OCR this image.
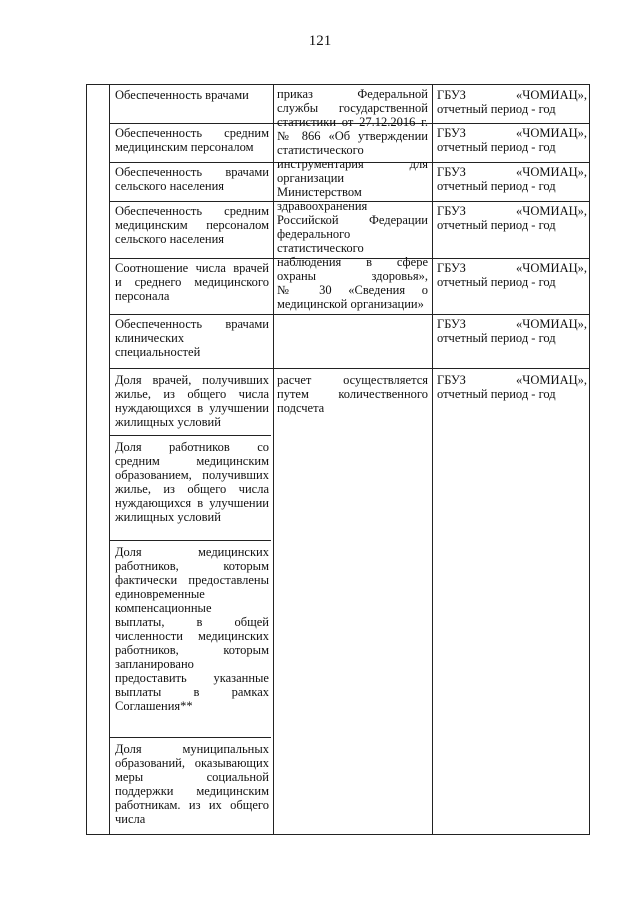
121
Обеспеченность врачами	ГБУЗ «ЧОМИАЦ»,
отчетный период - год
Обеспеченность средним
медицинским персоналом
ГБУЗ «ЧОМИАЦ»,
отчетный период - год
Обеспеченность врачами
сельского населения
ГБУЗ «ЧОМИАЦ»,
отчетный период - год
Обеспеченность средним
медицинским персоналом
сельского населения
ГБУЗ «ЧОМИАЦ»,
отчетный период - год
Соотношение числа врачей
и среднего медицинского
персонала
ГБУЗ «ЧОМИАЦ»,
отчетный период - год
Обеспеченность врачами
клинических
специальностей
ГБУЗ «ЧОМИАЦ»,
отчетный период - год
приказ Федеральной
службы государственной
статистики от 27.12.2016 г.
№ 866 «Об утверждении
статистического
инструментария для
организации
Министерством
здравоохранения
Российской Федерации
федерального
статистического
наблюдения в сфере
охраны здоровья»,
№ 30 «Сведения о
медицинской организации»
Доля врачей, получивших
жилье, из общего числа
нуждающихся в улучшении
жилищных условий
Доля работников со
средним медицинским
образованием, получивших
жилье, из общего числа
нуждающихся в улучшении
жилищных условий
Доля медицинских
работников, которым
фактически предоставлены
единовременные
компенсационные
выплаты, в общей
численности медицинских
работников, которым
запланировано
предоставить указанные
выплаты в рамках
Соглашения**
Доля муниципальных
образований, оказывающих
меры социальной
поддержки медицинским
работникам. из их общего
числа
расчет осуществляется
путем количественного
подсчета
ГБУЗ «ЧОМИАЦ»,
отчетный период - год
